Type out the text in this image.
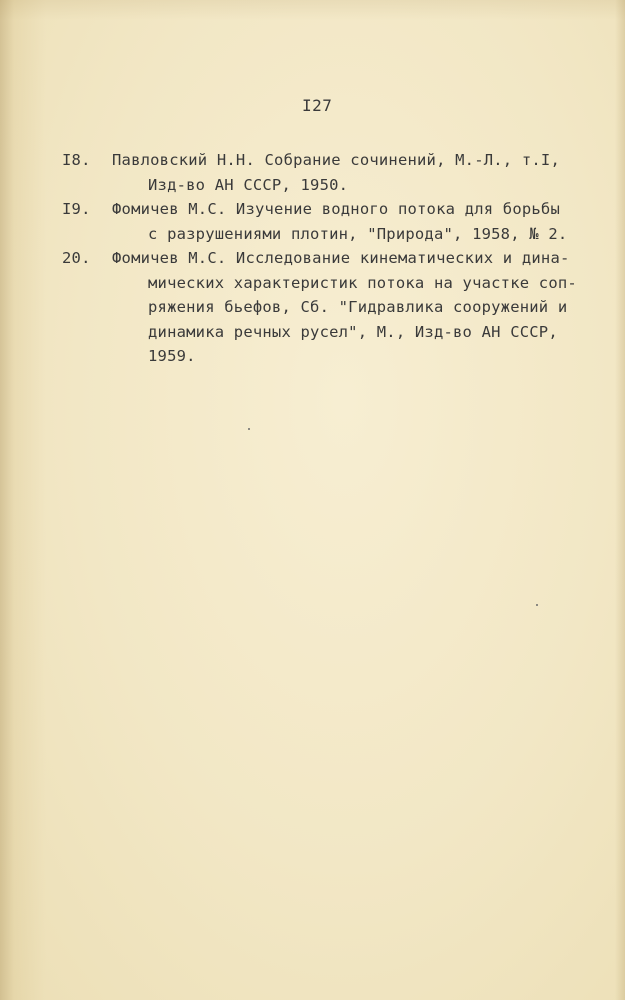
I27
I8. Павловский Н.Н. Собрание сочинений, М.-Л., т.I,
Изд-во АН СССР, 1950.
I9. Фомичев М.С. Изучение водного потока для борьбы
с разрушениями плотин, "Природа", 1958, № 2.
20. Фомичев М.С. Исследование кинематических и дина-
мических характеристик потока на участке соп-
ряжения бьефов, Сб. "Гидравлика сооружений и
динамика речных русел", М., Изд-во АН СССР,
1959.
